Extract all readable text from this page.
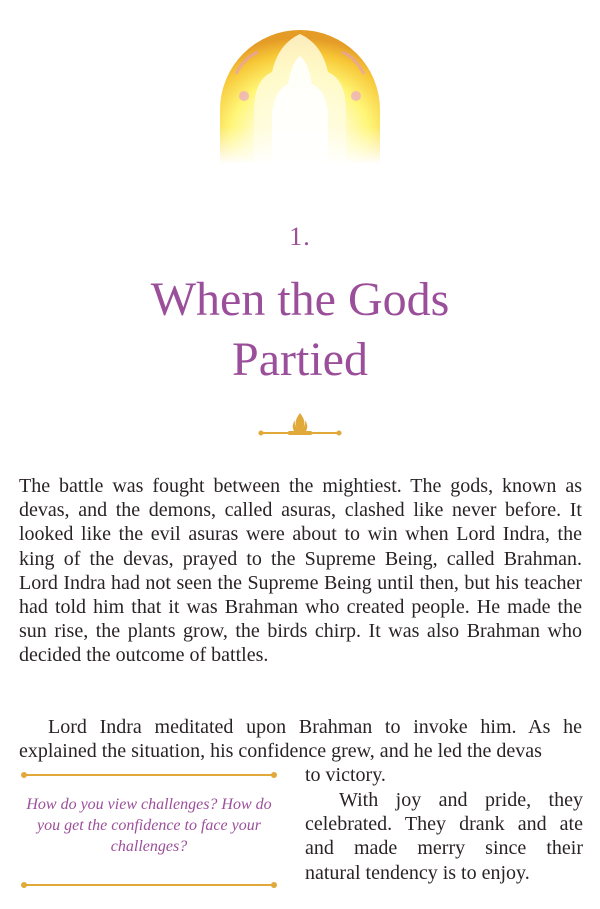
1.
When the Gods
Partied

The battle was fought between the mightiest. The gods, known as devas, and the demons, called asuras, clashed like never before. It looked like the evil asuras were about to win when Lord Indra, the king of the devas, prayed to the Supreme Being, called Brahman. Lord Indra had not seen the Supreme Being until then, but his teacher had told him that it was Brahman who created people. He made the sun rise, the plants grow, the birds chirp. It was also Brahman who decided the outcome of battles.

Lord Indra meditated upon Brahman to invoke him. As he explained the situation, his confidence grew, and he led the devas

to victory.

With joy and pride, they celebrated. They drank and ate and made merry since their natural tendency is to enjoy.

How do you view challenges? How do you get the confidence to face your challenges?
